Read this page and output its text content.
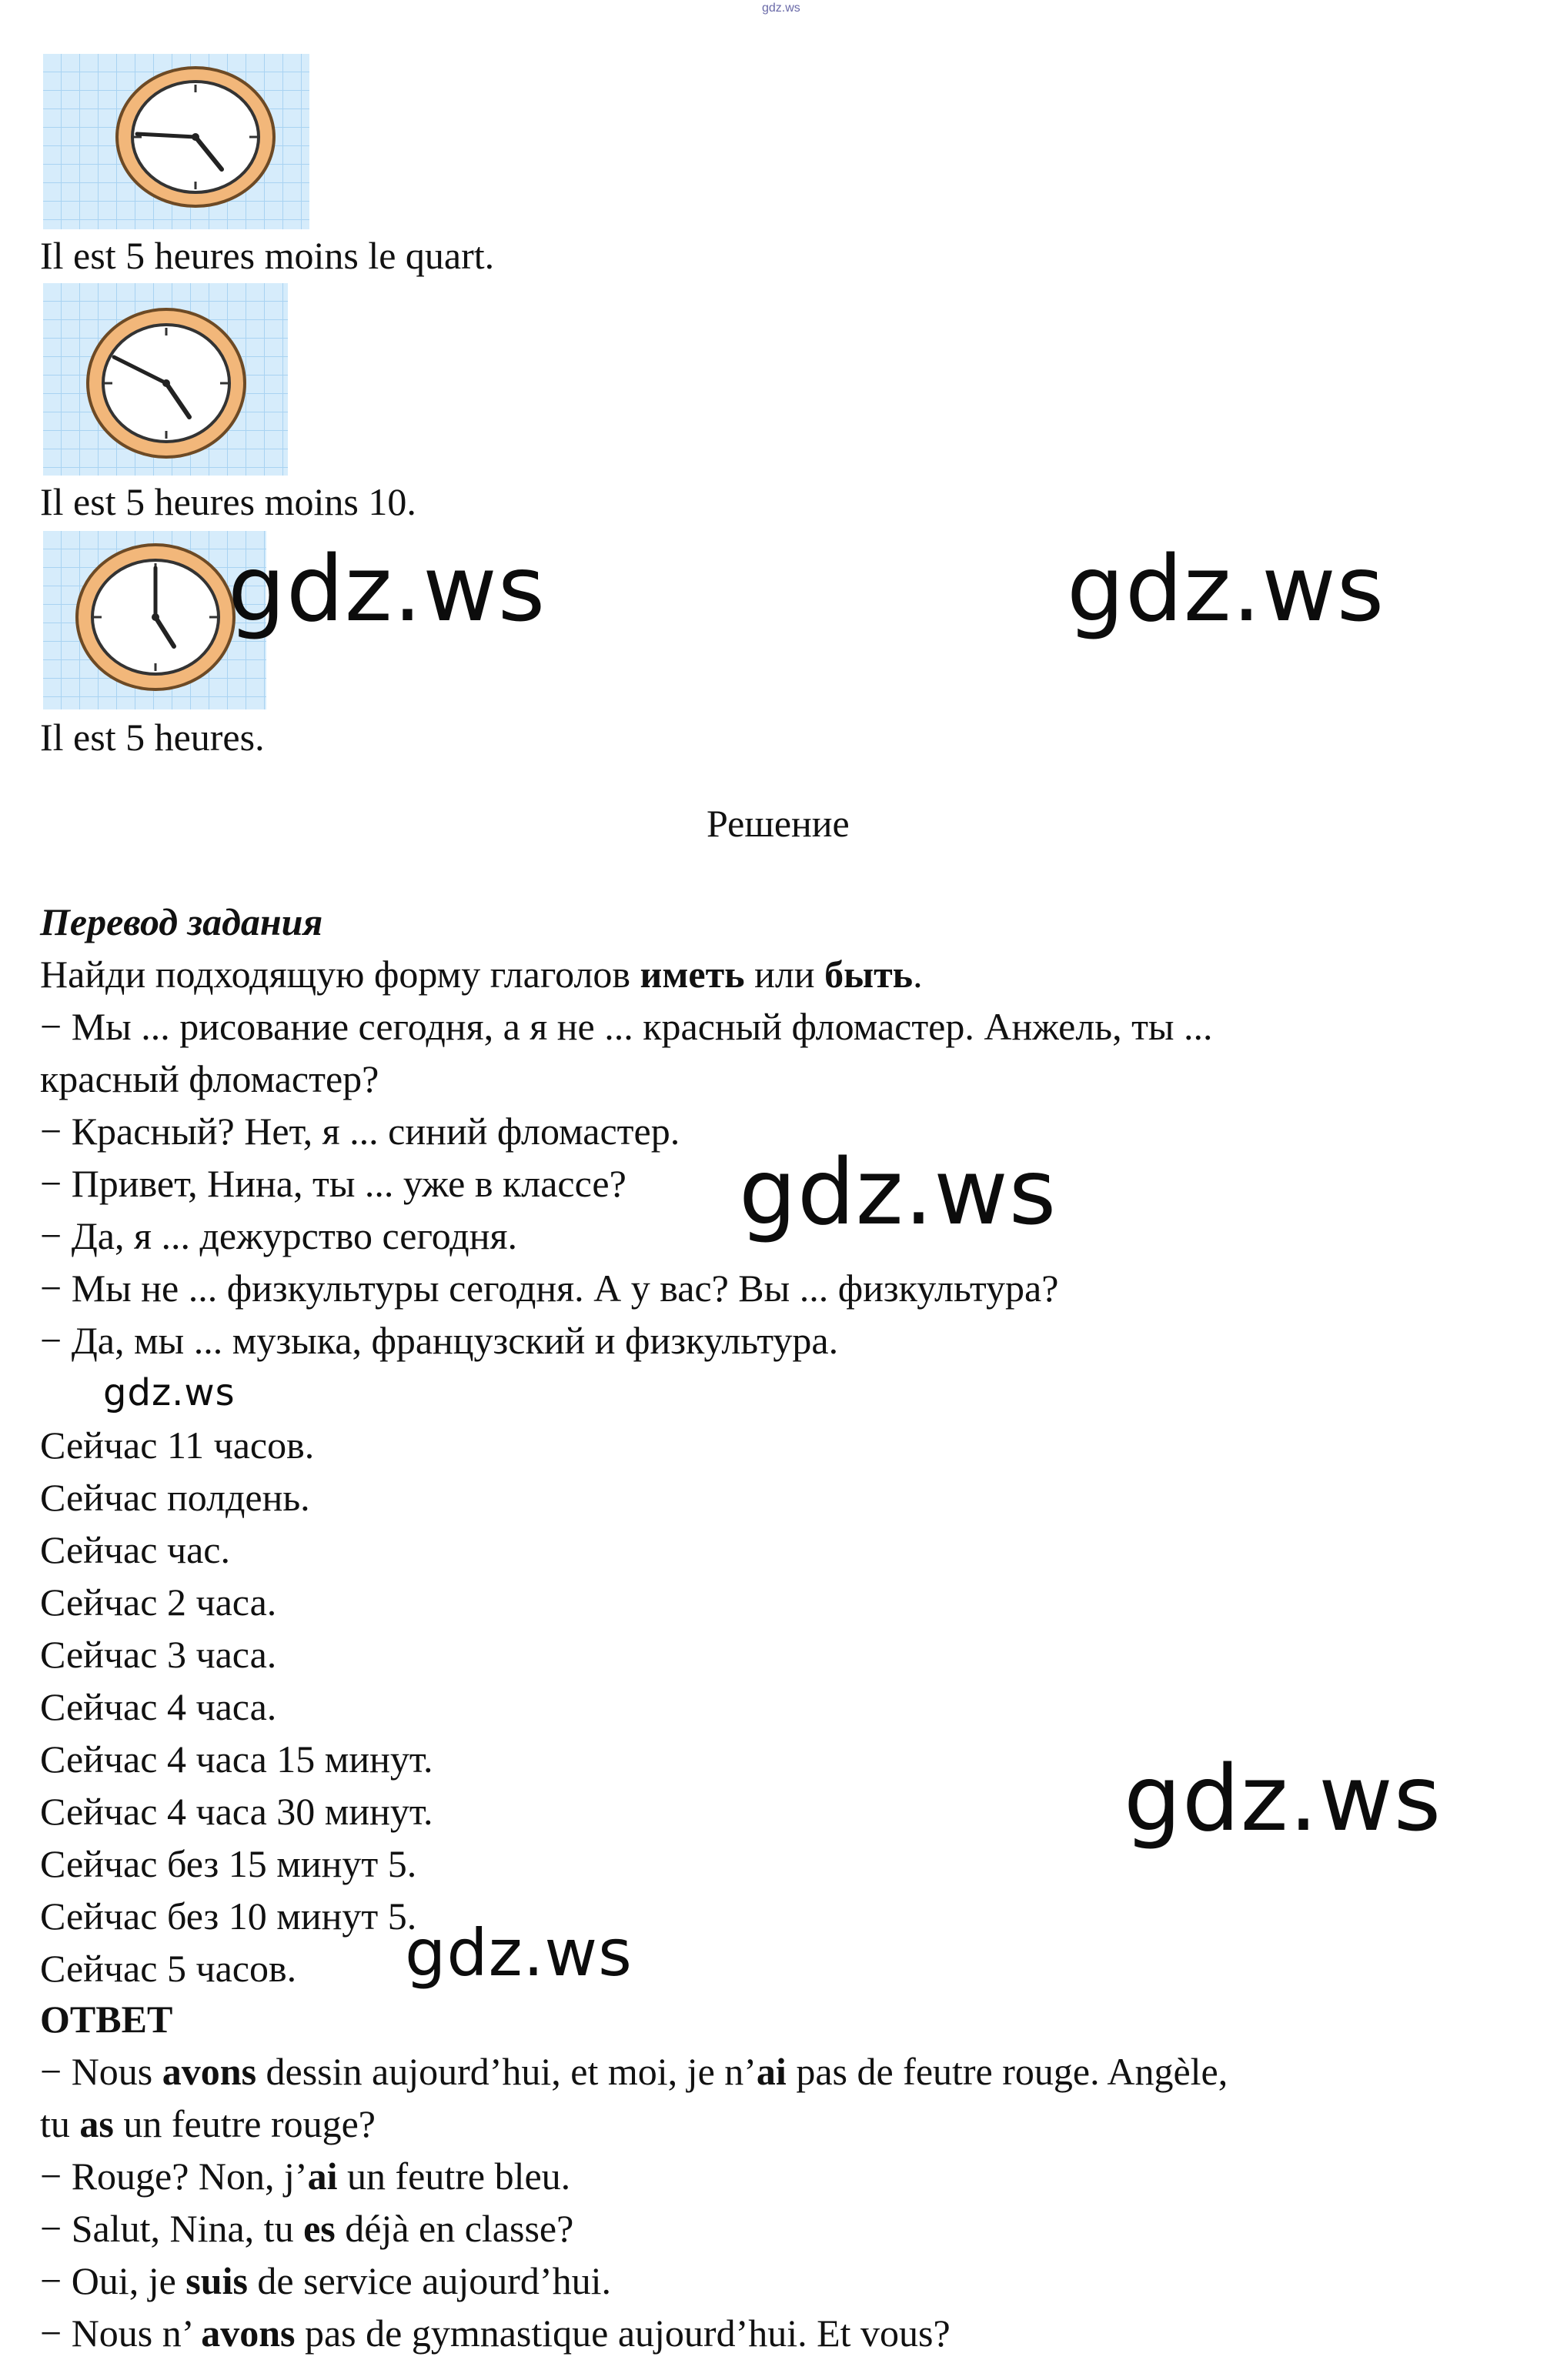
gdz.ws
Il est 5 heures moins le quart.
Il est 5 heures moins 10.
Il est 5 heures.
Решение
Перевод задания
Найди подходящую форму глаголов иметь или быть.
− Мы ... рисование сегодня, а я не ... красный фломастер. Анжель, ты ...
красный фломастер?
− Красный? Нет, я ... синий фломастер.
− Привет, Нина, ты ... уже в классе?
− Да, я ... дежурство сегодня.
− Мы не ... физкультуры сегодня. А у вас? Вы ... физкультура?
− Да, мы ... музыка, французский и физкультура.
Сейчас 11 часов.
Сейчас полдень.
Сейчас час.
Сейчас 2 часа.
Сейчас 3 часа.
Сейчас 4 часа.
Сейчас 4 часа 15 минут.
Сейчас 4 часа 30 минут.
Сейчас без 15 минут 5.
Сейчас без 10 минут 5.
Сейчас 5 часов.
ОТВЕТ
− Nous avons dessin aujourd’hui, et moi, je n’ai pas de feutre rouge. Angèle,
tu as un feutre rouge?
− Rouge? Non, j’ai un feutre bleu.
− Salut, Nina, tu es déjà en classe?
− Oui, je suis de service aujourd’hui.
− Nous n’ avons pas de gymnastique aujourd’hui. Et vous?
gdz.ws	gdz.ws
gdz.ws
gdz.ws
gdz.ws
gdz.ws
